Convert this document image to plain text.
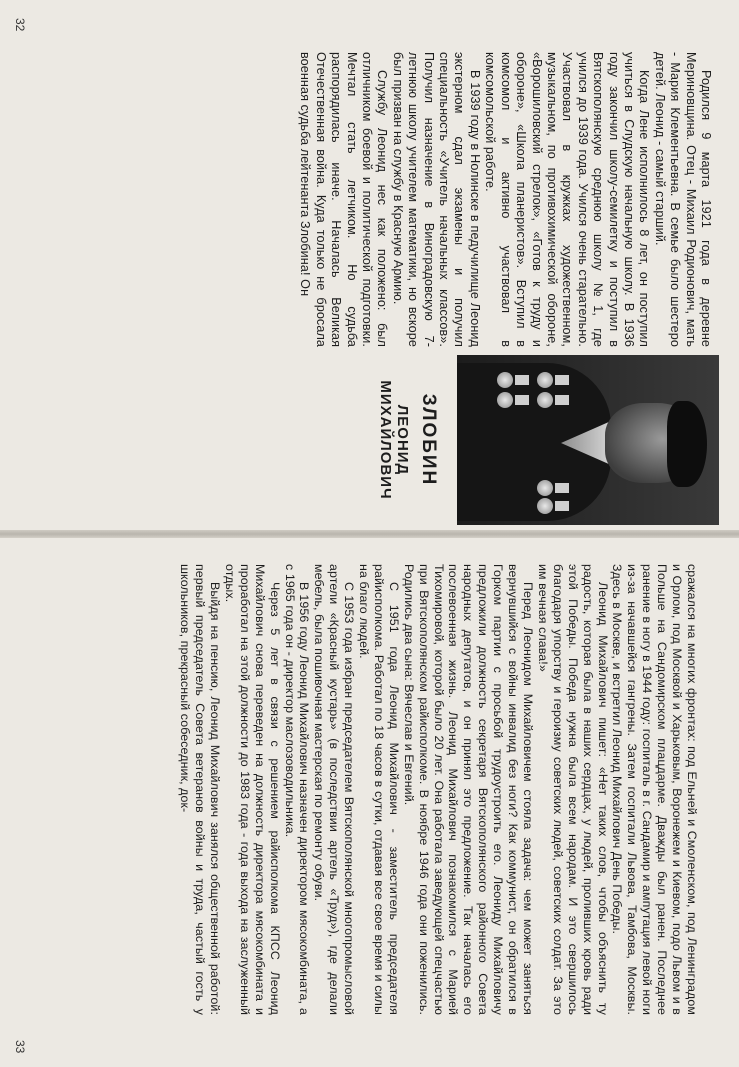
ЗЛОБИН

ЛЕОНИД МИХАЙЛОВИЧ

Родился 9 марта 1921 года в деревне Мериновщина. Отец - Михаил Родионович, мать - Мария Клементьевна. В семье было шестеро детей. Леонид - самый старший.

Когда Лене исполнилось 8 лет, он поступил учиться в Слудскую начальную школу. В 1936 году закончил школу-семилетку и поступил в Вятскополянскую среднюю школу №1, где учился до 1939 года. Учился очень старательно. Участвовал в кружках художественном, музыкальном, по противохимической обороне, «Ворошиловский стрелок», «Готов к труду и обороне», «Школа планеристов». Вступил в комсомол и активно участвовал в комсомольской работе.

В 1939 году в Нолинске в педучилище Леонид экстерном сдал экзамены и получил специальность «Учитель начальных классов». Получил назначение в Виноградовскую 7-летнюю школу учителем математики, но вскоре был призван на службу в Красную Армию.

Службу Леонид нес как положено: был отличником боевой и политической подготовки. Мечтал стать летчиком. Но судьба распорядилась иначе. Началась Великая Отечественная война. Куда только не бросала военная судьба лейтенанта Злобина! Он

32

сражался на многих фронтах: под Ельней и Смоленском, под Ленинградом и Орлом, под Москвой и Харьковым, Воронежем и Киевом, подо Львом и в Польше на Сандомирском плацдарме. Дважды был ранен. Последнее ранение в ногу в 1944 году: госпиталь в г. Сандамир и ампутация левой ноги из-за начавшейся гангрены. Затем госпитали Львова, Тамбова, Москвы. Здесь в Москве, и встретил Леонид Михайлович День Победы.

Леонид Михайлович пишет: «Нет таких слов, чтобы объяснить ту радость, которая была в наших сердцах, у людей, проливших кровь ради этой Победы. Победа нужна была всем народам. И это свершилось благодаря упорству и героизму советских людей, советских солдат. За это им вечная слава!»

Перед Леонидом Михайловичем стояла задача: чем может заняться вернувшийся с войны инвалид без ноги? Как коммунист, он обратился в Горком партии с просьбой трудоустроить его. Леониду Михайловичу предложили должность секретаря Вятскополянского районного Совета народных депутатов, и он принял это предложение. Так началась его послевоенная жизнь. Леонид Михайлович познакомился с Марией Тихомировой, которой было 20 лет. Она работала заведующей спецчастью при Вятскополянском райисполкоме. В ноябре 1946 года они поженились. Родились два сына: Вячеслав и Евгений.

С 1951 года Леонид Михайлович - заместитель председателя райисполкома. Работал по 18 часов в сутки, отдавая все свое время и силы на благо людей.

С 1953 года избран председателем Вятскополянской многопромысловой артели «Красный кустарь» (в последствии артель «Труд»), где делали мебель, была пошивочная мастерская по ремонту обуви.

В 1956 году Леонид Михайлович назначен директором мясокомбината, а с 1965 года он - директор маслозоводильника.

Через 5 лет в связи с решением райисполкома КПСС Леонид Михайлович снова переведен на должность директора мясокомбината и проработал на этой должности до 1983 года - года выхода на заслуженный отдых.

Выйдя на пенсию, Леонид Михайлович занялся общественной работой: первый председатель Совета ветеранов войны и труда, частый гость у школьников, прекрасный собеседник, док-

33
